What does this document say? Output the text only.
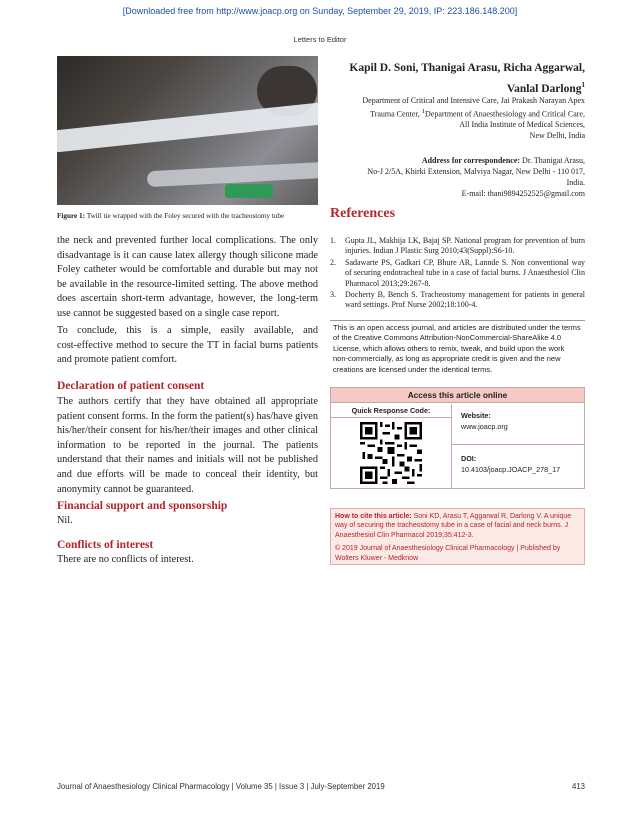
[Downloaded free from http://www.joacp.org on Sunday, September 29, 2019, IP: 223.186.148.200]
Letters to Editor
Figure 1: Twill tie wrapped with the Foley secured with the tracheostomy tube

the neck and prevented further local complications. The only disadvantage is it can cause latex allergy though silicone made Foley catheter would be comfortable and durable but may not be available in the resource‑limited setting. The above method does ascertain short‑term advantage, however, the long‑term use cannot be suggested based on a single case report.

To conclude, this is a simple, easily available, and cost‑effective method to secure the TT in facial burns patients and promote patient comfort.

Declaration of patient consent

The authors certify that they have obtained all appropriate patient consent forms. In the form the patient(s) has/have given his/her/their consent for his/her/their images and other clinical information to be reported in the journal. The patients understand that their names and initials will not be published and due efforts will be made to conceal their identity, but anonymity cannot be guaranteed.

Financial support and sponsorship

Nil.

Conflicts of interest

There are no conflicts of interest.

Kapil D. Soni, Thanigai Arasu, Richa Aggarwal,
Vanlal Darlong$^1$
Department of Critical and Intensive Care, Jai Prakash Narayan Apex
Trauma Center, $^1$Department of Anaesthesiology and Critical Care,
All India Institute of Medical Sciences,
New Delhi, India
Address for correspondence: Dr. Thanigai Arasu,
No‑J 2/5A, Khirki Extension, Malviya Nagar, New Delhi ‑ 110 017,
India.
E‑mail: thani9894252525@gmail.com
References
1.	Gupta JL, Makhija LK, Bajaj SP. National program for prevention of burn injuries. Indian J Plastic Surg 2010;43(Suppl):S6‑10.
2.	Sadawarte PS, Gadkari CP, Bhure AR, Lannde S. Non conventional way of securing endotracheal tube in a case of facial burns. J Anaesthesiol Clin Pharmacol 2013;29:267‑8.
3.	Docherty B, Bench S. Tracheostomy management for patients in general ward settings. Prof Nurse 2002;18:100‑4.
This is an open access journal, and articles are distributed under the terms of the Creative Commons Attribution‑NonCommercial‑ShareAlike 4.0 License, which allows others to remix, tweak, and build upon the work non‑commercially, as long as appropriate credit is given and the new creations are licensed under the identical terms.
Access this article online
Quick Response Code:
Website:
www.joacp.org
DOI:
10.4103/joacp.JOACP_278_17
How to cite this article: Soni KD, Arasu T, Aggarwal R, Darlong V. A unique way of securing the tracheostomy tube in a case of facial and neck burns. J Anaesthesiol Clin Pharmacol 2019;35:412‑3.
© 2019 Journal of Anaesthesiology Clinical Pharmacology | Published by Wolters Kluwer ‑ Medknow
Journal of Anaesthesiology Clinical Pharmacology | Volume 35 | Issue 3 | July‑September 2019	413
